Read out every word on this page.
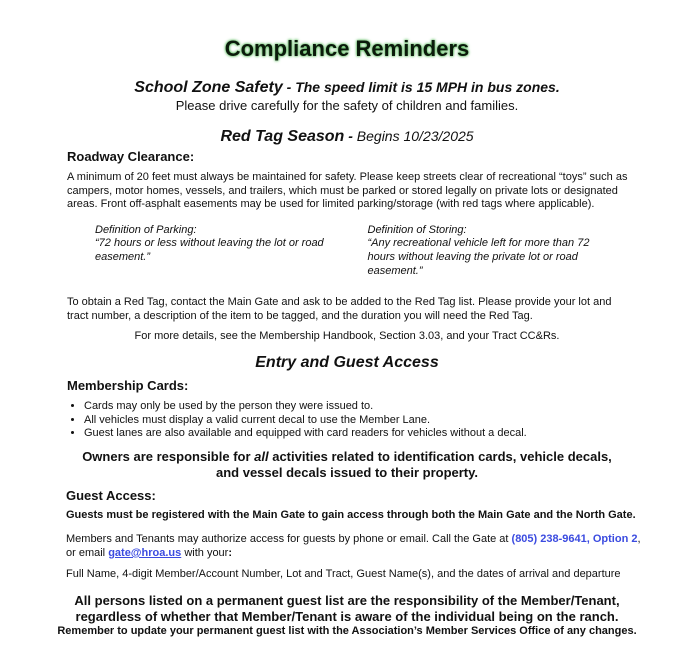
Compliance Reminders
School Zone Safety - The speed limit is 15 MPH in bus zones.
Please drive carefully for the safety of children and families.
Red Tag Season - Begins 10/23/2025
Roadway Clearance:
A minimum of 20 feet must always be maintained for safety. Please keep streets clear of recreational “toys” such as campers, motor homes, vessels, and trailers, which must be parked or stored legally on private lots or designated areas. Front off-asphalt easements may be used for limited parking/storage (with red tags where applicable).
Definition of Parking:
“72 hours or less without leaving the lot or road easement.”
Definition of Storing:
“Any recreational vehicle left for more than 72 hours without leaving the private lot or road easement.”
To obtain a Red Tag, contact the Main Gate and ask to be added to the Red Tag list. Please provide your lot and tract number, a description of the item to be tagged, and the duration you will need the Red Tag.
For more details, see the Membership Handbook, Section 3.03, and your Tract CC&Rs.
Entry and Guest Access
Membership Cards:
• Cards may only be used by the person they were issued to.
• All vehicles must display a valid current decal to use the Member Lane.
• Guest lanes are also available and equipped with card readers for vehicles without a decal.
Owners are responsible for all activities related to identification cards, vehicle decals, and vessel decals issued to their property.
Guest Access:
Guests must be registered with the Main Gate to gain access through both the Main Gate and the North Gate.
Members and Tenants may authorize access for guests by phone or email. Call the Gate at (805) 238-9641, Option 2, or email gate@hroa.us with your:
Full Name, 4-digit Member/Account Number, Lot and Tract, Guest Name(s), and the dates of arrival and departure
All persons listed on a permanent guest list are the responsibility of the Member/Tenant, regardless of whether that Member/Tenant is aware of the individual being on the ranch.
Remember to update your permanent guest list with the Association’s Member Services Office of any changes.
